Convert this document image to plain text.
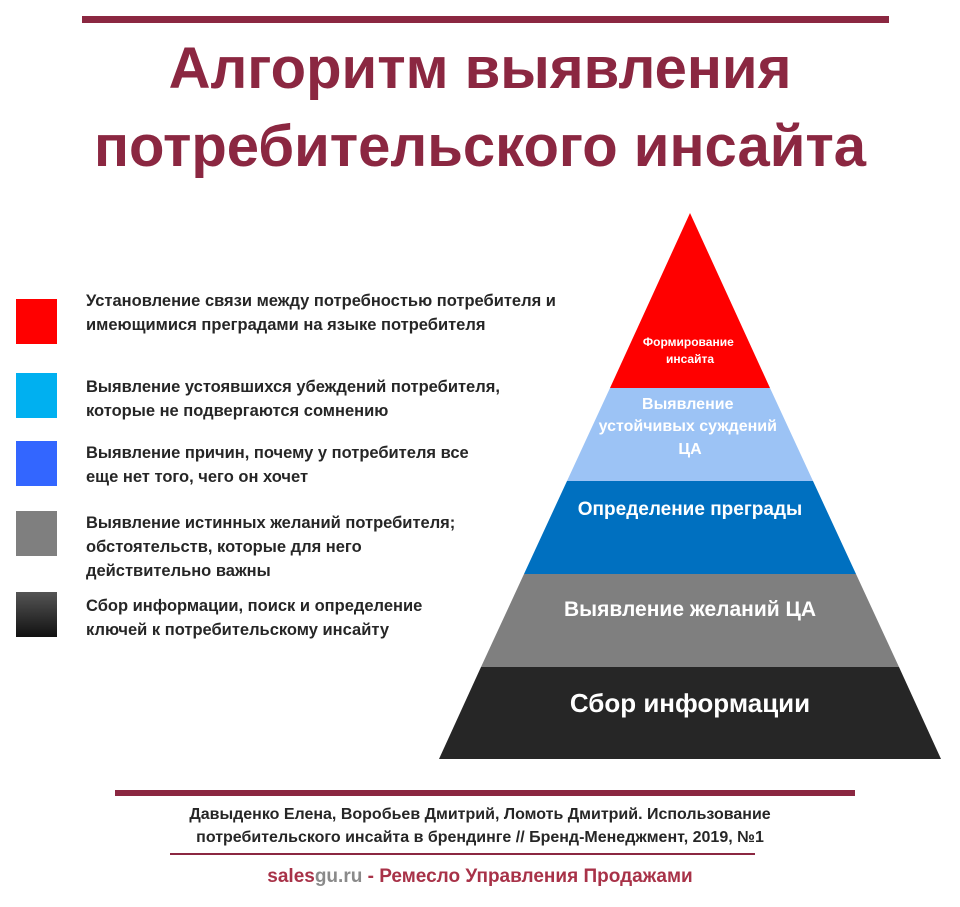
Алгоритм выявления
потребительского инсайта
Установление связи между потребностью потребителя и
имеющимися преградами на языке потребителя
Выявление устоявшихся убеждений потребителя,
которые не подвергаются сомнению
Выявление причин, почему у потребителя все
еще нет того, чего он хочет
Выявление истинных желаний потребителя;
обстоятельств, которые для него
действительно важны
Сбор информации, поиск и определение
ключей к потребительскому инсайту
Формирование инсайта
Выявление устойчивых суждений ЦА
Определение преграды
Выявление желаний ЦА
Сбор информации
Давыденко Елена, Воробьев Дмитрий, Ломоть Дмитрий. Использование
потребительского инсайта в брендинге // Бренд-Менеджмент, 2019, №1
salesgu.ru - Ремесло Управления Продажами
